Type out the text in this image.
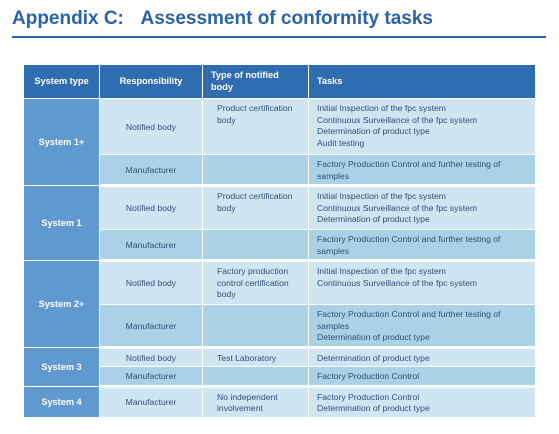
Appendix C: Assessment of conformity tasks
System type	Responsibility	Type of notified body	Tasks
System 1+	Notified body	Product certification body	Initial Inspection of the fpc system
Continuous Surveillance of the fpc system
Determination of product type
Audit testing

	Manufacturer		Factory Production Control and further testing of samples

System 1	Notified body	Product certification body	Initial Inspection of the fpc system
Continuous Surveillance of the fpc system
Determination of product type

	Manufacturer		Factory Production Control and further testing of samples

System 2+	Notified body	Factory production control certification body	Initial Inspection of the fpc system
Continuous Surveillance of the fpc system

	Manufacturer		Factory Production Control and further testing of samples
Determination of product type

System 3	Notified body	Test Laboratory	Determination of product type

	Manufacturer		Factory Production Control

System 4	Manufacturer	No independent involvement	Factory Production Control
Determination of product type
